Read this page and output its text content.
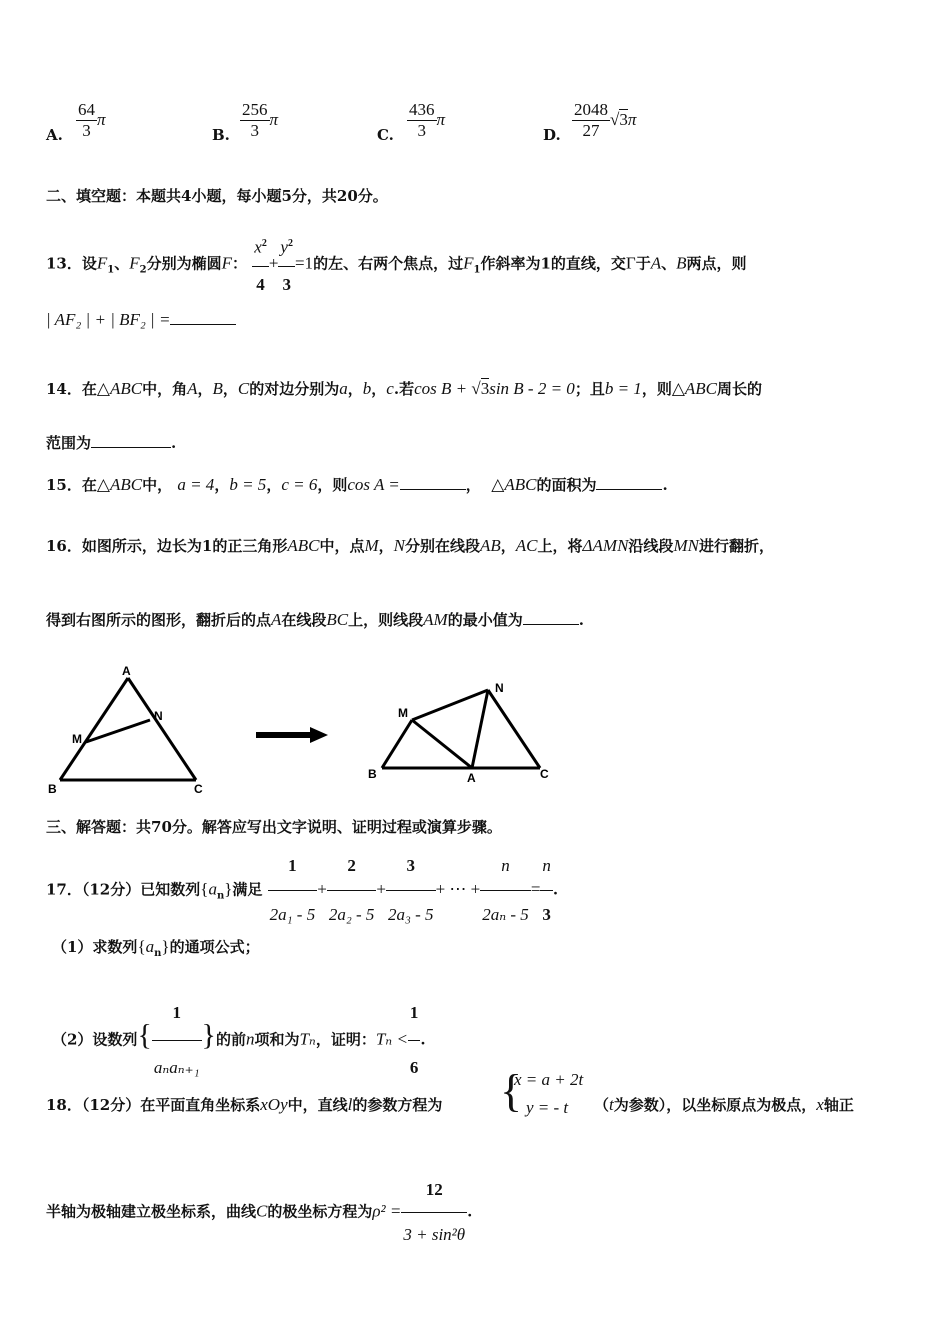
A. $\frac{64}{3}$ π
B. $\frac{256}{3}$ π
C. $\frac{436}{3}$ π
D. $\frac{2048}{27} √3\pi$
二、填空题：本题共4小题，每小题5分，共20分。
13．设$F_1$、$F_2$分别为椭圆F： $\frac{x^2}{4} + \frac{y^2}{3} =1$的左、右两个焦点，过$F_1$作斜率为1的直线，交Γ于A、B两点，则
| AF₂ | + | BF₂ | =
14．在△ABC中，角A，B，C的对边分别为a，b，c.若cos B + √3sin B - 2 = 0；且b = 1，则△ABC周长的
范围为	.
15．在△ABC中， a = 4，b = 5，c = 6，则cos A =	， △ABC的面积为	.
16．如图所示，边长为1的正三角形ABC中，点M，N分别在线段AB，AC上，将ΔAMN沿线段MN进行翻折，
得到右图所示的图形，翻折后的点A在线段BC上，则线段AM的最小值为	.
A
B	C
M
N
B	A	C
M
N
三、解答题：共70分。解答应写出文字说明、证明过程或演算步骤。
17．（12分）已知数列$\{a_n\}$满足 $\frac{1}{\text{2a₁ - 5}} + \frac{2}{\text{2a₂ - 5}} + \frac{3}{\text{2a₃ - 5}}$ + ⋯ + $\frac{n}{\text{2aₙ - 5}} = \frac{n}{3}$ .
（1）求数列$\{a_n\}$的通项公式；
（2）设数列{ $\frac{1}{\text{aₙaₙ₊₁}}$ }的前n项和为Tₙ，证明：$T_n < \frac{1}{6}$ .
18．（12分）在平面直角坐标系xOy中，直线l的参数方程为 {
x = a + 2t
y = - t （t为参数），以坐标原点为极点，x轴正
半轴为极轴建立极坐标系，曲线C的极坐标方程为$\rho^2 = \frac{12}{\text{3 + sin²θ}}$ .
